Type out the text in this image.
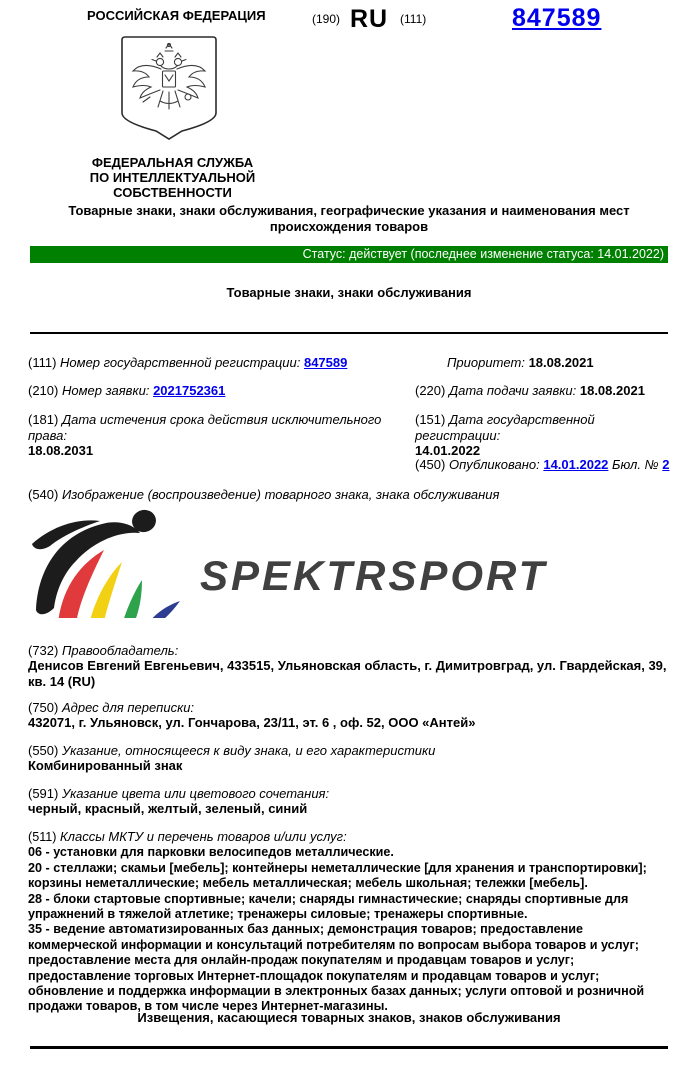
РОССИЙСКАЯ ФЕДЕРАЦИЯ	(190) RU (111)	847589
ФЕДЕРАЛЬНАЯ СЛУЖБА
ПО ИНТЕЛЛЕКТУАЛЬНОЙ СОБСТВЕННОСТИ
Товарные знаки, знаки обслуживания, географические указания и наименования мест происхождения товаров
Статус: действует (последнее изменение статуса: 14.01.2022)
Товарные знаки, знаки обслуживания
(111) Номер государственной регистрации: 847589	Приоритет: 18.08.2021
(210) Номер заявки: 2021752361	(220) Дата подачи заявки: 18.08.2021
(181) Дата истечения срока действия исключительного права:
18.08.2031
(151) Дата государственной регистрации:
14.01.2022
(450) Опубликовано: 14.01.2022 Бюл. № 2
(540) Изображение (воспроизведение) товарного знака, знака обслуживания
SPEKTRSPORT
(732) Правообладатель:
Денисов Евгений Евгеньевич, 433515, Ульяновская область, г. Димитровград, ул. Гвардейская, 39, кв. 14 (RU)
(750) Адрес для переписки:
432071, г. Ульяновск, ул. Гончарова, 23/11, эт. 6 , оф. 52, ООО «Антей»
(550) Указание, относящееся к виду знака, и его характеристики
Комбинированный знак
(591) Указание цвета или цветового сочетания:
черный, красный, желтый, зеленый, синий
(511) Классы МКТУ и перечень товаров и/или услуг:
06 - установки для парковки велосипедов металлические.
20 - стеллажи; скамьи [мебель]; контейнеры неметаллические [для хранения и транспортировки]; корзины неметаллические; мебель металлическая; мебель школьная; тележки [мебель].
28 - блоки стартовые спортивные; качели; снаряды гимнастические; снаряды спортивные для упражнений в тяжелой атлетике; тренажеры силовые; тренажеры спортивные.
35 - ведение автоматизированных баз данных; демонстрация товаров; предоставление коммерческой информации и консультаций потребителям по вопросам выбора товаров и услуг; предоставление места для онлайн-продаж покупателям и продавцам товаров и услуг; предоставление торговых Интернет-площадок покупателям и продавцам товаров и услуг; обновление и поддержка информации в электронных базах данных; услуги оптовой и розничной продажи товаров, в том числе через Интернет-магазины.
Извещения, касающиеся товарных знаков, знаков обслуживания
